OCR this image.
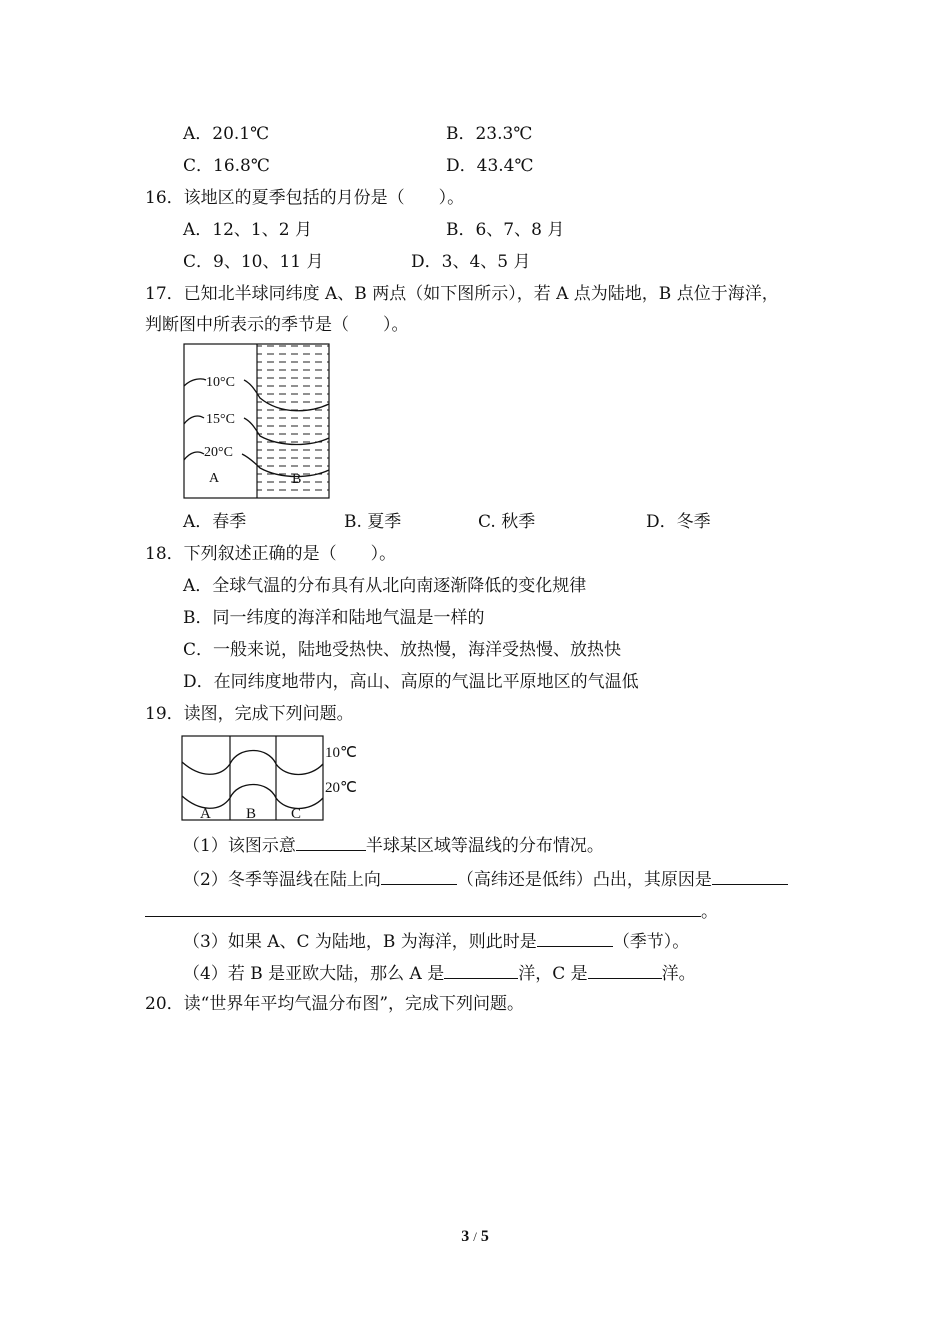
A．20.1℃	B．23.3℃
C．16.8℃	D．43.4℃
16．该地区的夏季包括的月份是（　　）。
A．12、1、2 月	B．6、7、8 月
C．9、10、11 月	D．3、4、5 月
17．已知北半球同纬度 A、B 两点（如下图所示），若 A 点为陆地，B 点位于海洋，
判断图中所表示的季节是（　　）。
10°C
15°C
20°C
A	B
A．春季	B. 夏季	C. 秋季	D．冬季
18．下列叙述正确的是（　　）。
A．全球气温的分布具有从北向南逐渐降低的变化规律
B．同一纬度的海洋和陆地气温是一样的
C．一般来说，陆地受热快、放热慢，海洋受热慢、放热快
D．在同纬度地带内，高山、高原的气温比平原地区的气温低
19．读图，完成下列问题。
10℃
20℃
A B C
（1）该图示意	半球某区域等温线的分布情况。
（2）冬季等温线在陆上向	（高纬还是低纬）凸出，其原因是
。
（3）如果 A、C 为陆地，B 为海洋，则此时是	（季节）。
（4）若 B 是亚欧大陆，那么 A 是	洋，C 是	洋。
20．读“世界年平均气温分布图”，完成下列问题。
3 / 5
